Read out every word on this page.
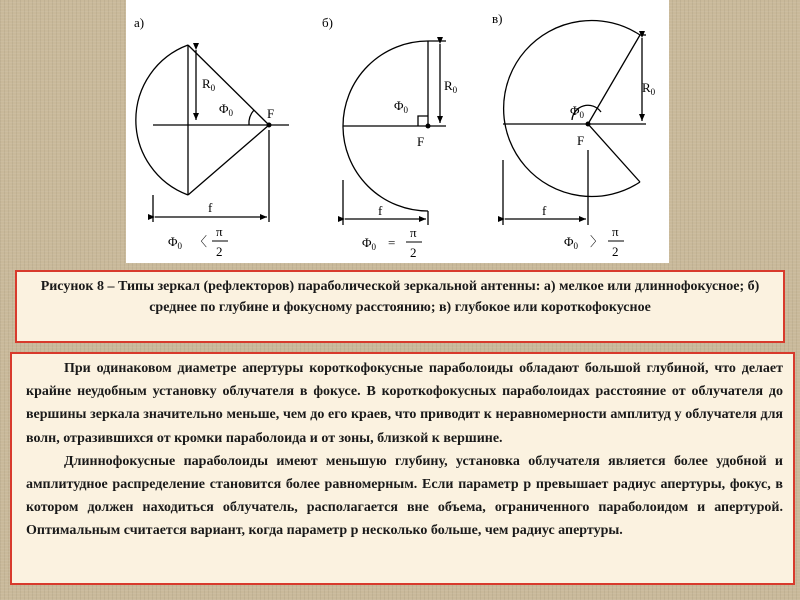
а)
$R_0$
$\Phi_0$	F
f
$\Phi_0$ 〈
π
2
б)
$R_0$
$\Phi_0$
F
f
$\Phi_0$ =
π
2
в)
$R_0$
$\Phi_0$
F
f
$\Phi_0$ 〉
π
2
Рисунок 8 – Типы зеркал (рефлекторов) параболической зеркальной антенны: а) мелкое или длиннофокусное; б) среднее по глубине и фокусному расстоянию; в) глубокое или короткофокусное

При одинаковом диаметре апертуры короткофокусные параболоиды обладают большой глубиной, что делает крайне неудобным установку облучателя в фокусе. В короткофокусных параболоидах расстояние от облучателя до вершины зеркала значительно меньше, чем до его краев, что приводит к неравномерности амплитуд у облучателя для волн, отразившихся от кромки параболоида и от зоны, близкой к вершине.

Длиннофокусные параболоиды имеют меньшую глубину, установка облучателя является более удобной и амплитудное распределение становится более равномерным. Если параметр р превышает радиус апертуры, фокус, в котором должен находиться облучатель, располагается вне объема, ограниченного параболоидом и апертурой. Оптимальным считается вариант, когда параметр р несколько больше, чем радиус апертуры.
